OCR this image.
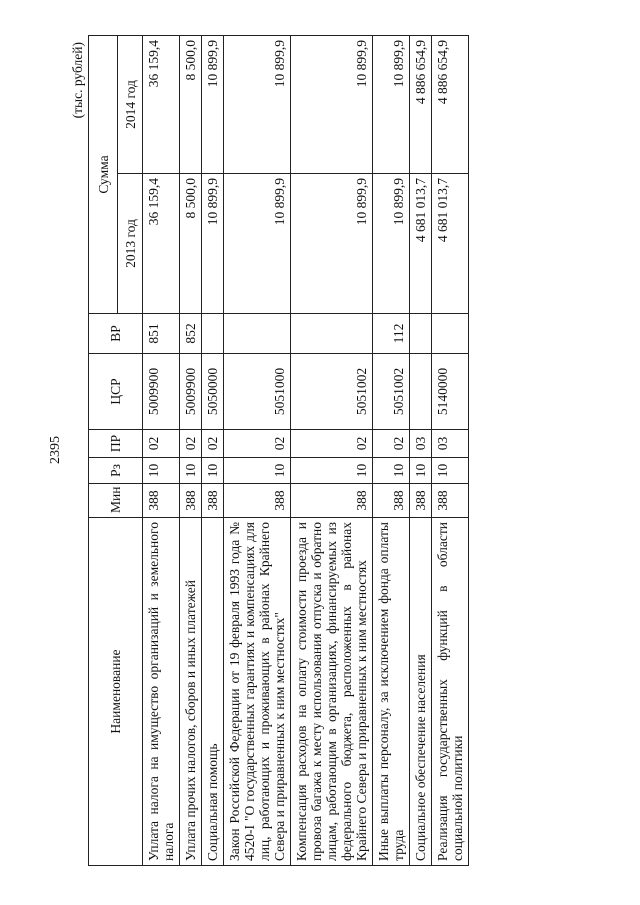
2395
(тыс. рублей)
Наименование	Мин	Рз	ПР	ЦСР	ВР	Сумма	
						2013 год	2014 год
Уплата налога на имущество организаций и земельного налога	388	10	02	5009900	851	36 159,4	36 159,4
Уплата прочих налогов, сборов и иных платежей	388	10	02	5009900	852	8 500,0	8 500,0
Социальная помощь	388	10	02	5050000		10 899,9	10 899,9
Закон Российской Федерации от 19 февраля 1993 года № 4520-I "О государственных гарантиях и компенсациях для лиц, работающих и проживающих в районах Крайнего Севера и приравненных к ним местностях"	388	10	02	5051000		10 899,9	10 899,9
Компенсация расходов на оплату стоимости проезда и провоза багажа к месту использования отпуска и обратно лицам, работающим в организациях, финансируемых из федерального бюджета, расположенных в районах Крайнего Севера и приравненных к ним местностях	388	10	02	5051002		10 899,9	10 899,9
Иные выплаты персоналу, за исключением фонда оплаты труда	388	10	02	5051002	112	10 899,9	10 899,9
Социальное обеспечение населения	388	10	03			4 681 013,7	4 886 654,9
Реализация государственных функций в области социальной политики	388	10	03	5140000		4 681 013,7	4 886 654,9
